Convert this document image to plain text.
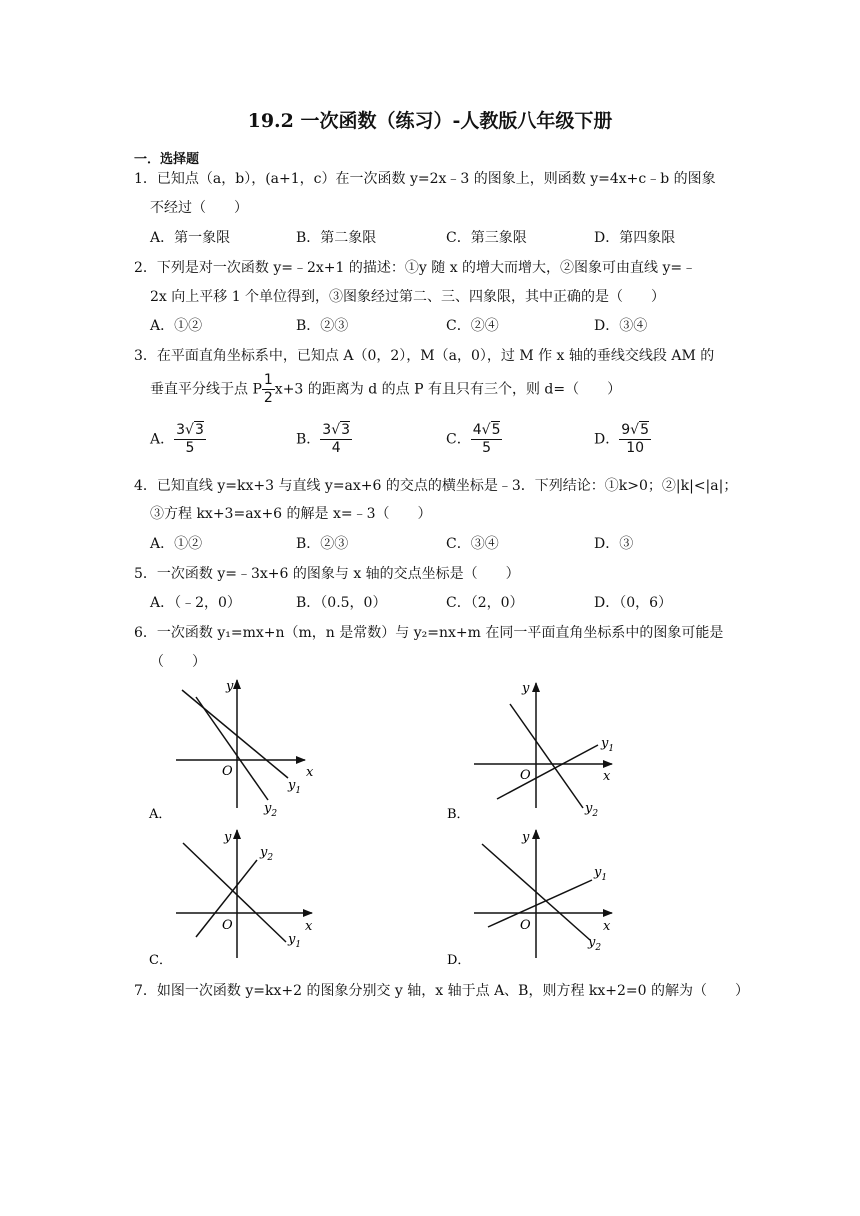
19.2 一次函数（练习）-人教版八年级下册
一．选择题
1．已知点（a，b），(a+1，c）在一次函数 y=2x﹣3 的图象上，则函数 y=4x+c﹣b 的图象
不经过（　　）
A．第一象限	B．第二象限	C．第三象限	D．第四象限
2．下列是对一次函数 y=﹣2x+1 的描述：①y 随 x 的增大而增大，②图象可由直线 y=﹣
2x 向上平移 1 个单位得到，③图象经过第二、三、四象限，其中正确的是（　　）
A．①②	B．②③	C．②④	D．③④
3．在平面直角坐标系中，已知点 A（0，2），M（a，0），过 M 作 x 轴的垂线交线段 AM 的
垂直平分线于点 P $\frac{1}{2} x+3$ 的距离为 d 的点 P 有且只有三个，则 d=（　　）
A． $\frac{3√3}{5}$	B． $\frac{3√3}{4}$	C． $\frac{4√5}{5}$	D． $\frac{9√5}{10}$
4．已知直线 y=kx+3 与直线 y=ax+6 的交点的横坐标是﹣3．下列结论：①k>0；②|k|<|a|；
③方程 kx+3=ax+6 的解是 x=﹣3（　　）
A．①②	B．②③	C．③④	D．③
5．一次函数 y=﹣3x+6 的图象与 x 轴的交点坐标是（　　）
A．（﹣2，0）	B．（0.5，0）	C．（2，0）	D．（0，6）
6．一次函数 y₁=mx+n（m，n 是常数）与 y₂=nx+m 在同一平面直角坐标系中的图象可能是
（　　）
O	x
y
$y_1$
$y_2$
A．
O	x
y
$y_1$
$y_2$
B．
O	x
y
$y_1$
$y_2$
C．
O	x
y
$y_1$
$y_2$
D．
7．如图一次函数 y=kx+2 的图象分别交 y 轴，x 轴于点 A、B，则方程 kx+2=0 的解为（　　）
